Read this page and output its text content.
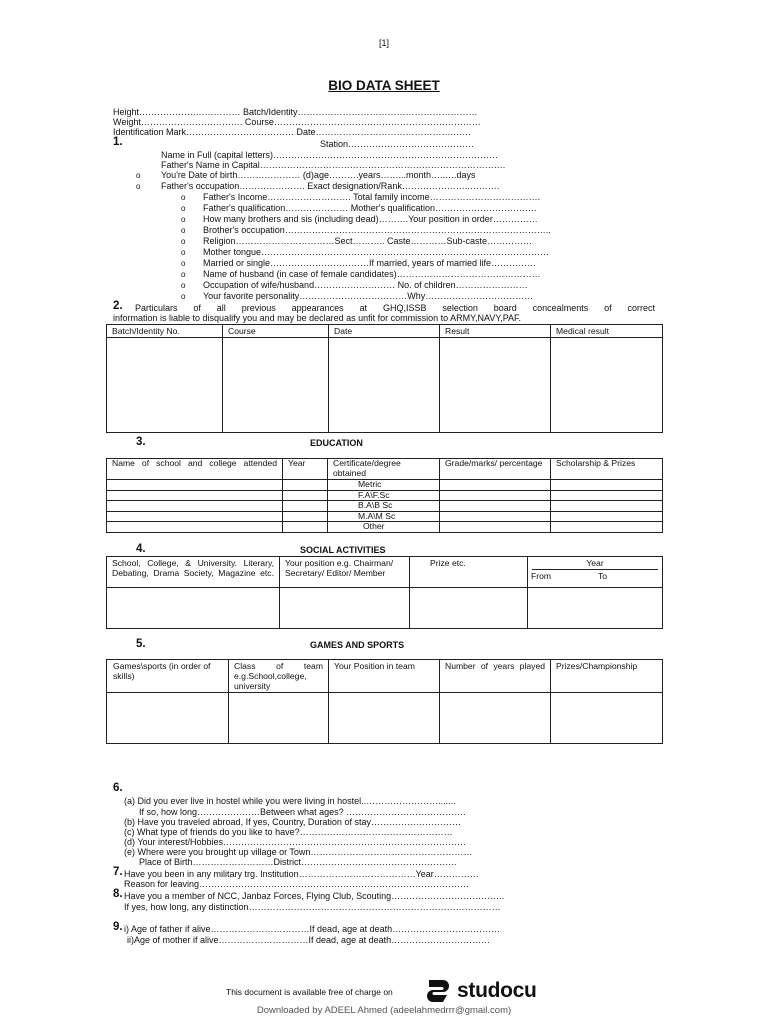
[1]
BIO DATA SHEET
Height……………….…………… Batch/Identity……………………………………………………
Weight……………………………. Course……………………………………………………………
Identification Mark……………………………… Date……………………………………….……
1.	Station……………………………………
Name in Full (capital letters)…………………………………………………………………
Father's Name in Capital……………………………………………………………………….
o You're Date of birth………………… (d)age……….years……...month…..….days
o Father's occupation…………………. Exact designation/Rank…………………..……….
o Father's Income………………………. Total family income……………………………….
o Father's qualification………………… Mother's qualification…………………………….
o How many brothers and sis (including dead)……….Your position in order……………
o Brother's occupation……………………………………………………………………………..
o Religion……………………………Sect……….. Caste…………Sub-caste……………
o Mother tongue……………………………………………………………………………………
o Married or single……………………………If married, years of married life……………
o Name of husband (in case of female candidates)…………………………………………
o Occupation of wife/husband……………………… No. of children……………………
o Your favorite personality………………………………Why………………………………
2. Particulars of all previous appearances at GHQ,ISSB selection board concealments of correct
information is liable to disqualify you and may be declared as unfit for commission to ARMY,NAVY,PAF.
Batch/Identity No.	Course	Date	Result	Medical result

3.	EDUCATION
Name of school and college attended	Year	Certificate/degree obtained	Grade/marks/ percentage	Scholarship & Prizes
		Metric		
		F.A\F.Sc		
		B.A\B Sc		
		M.A\M Sc		
		Other		
4.	SOCIAL ACTIVITIES
School, College, & University. Literary, Debating, Drama Society, Magazine etc.	Your position e.g. Chairman/ Secretary/ Editor/ Member	Prize etc.	Year
From To

5.	GAMES AND SPORTS
Games\sports (in order of skills)	Class of team e.g.School,college, university	Your Position in team	Number of years played	Prizes/Championship

6.
(a) Did you ever live in hostel while you were living in hostel..…………………….......
If so, how long…………………Between what ages? ………………………………….
(b) Have you traveled abroad, If yes, Country, Duration of stay…………………………
(c) What type of friends do you like to have?……………………………………………
(d) Your interest/Hobbies………………………………………………………………………
(e) Where were you brought up village or Town………………………………………………
Place of Birth………………………District…………………………………………….
7. Have you been in any military trg. Institution…………………………………Year……………
Reason for leaving………………………………………………………………………………
8. Have you a member of NCC, Janbaz Forces, Flying Club, Scouting………………………………..
If yes, how long, any distinction…………………………………………………………………………
9. i) Age of father if alive……………………………If dead, age at death………………………………
ii)Age of mother if alive…………………………If dead, age at death……………………………
This document is available free of charge on	studocu
Downloaded by ADEEL Ahmed (adeelahmedrrr@gmail.com)
